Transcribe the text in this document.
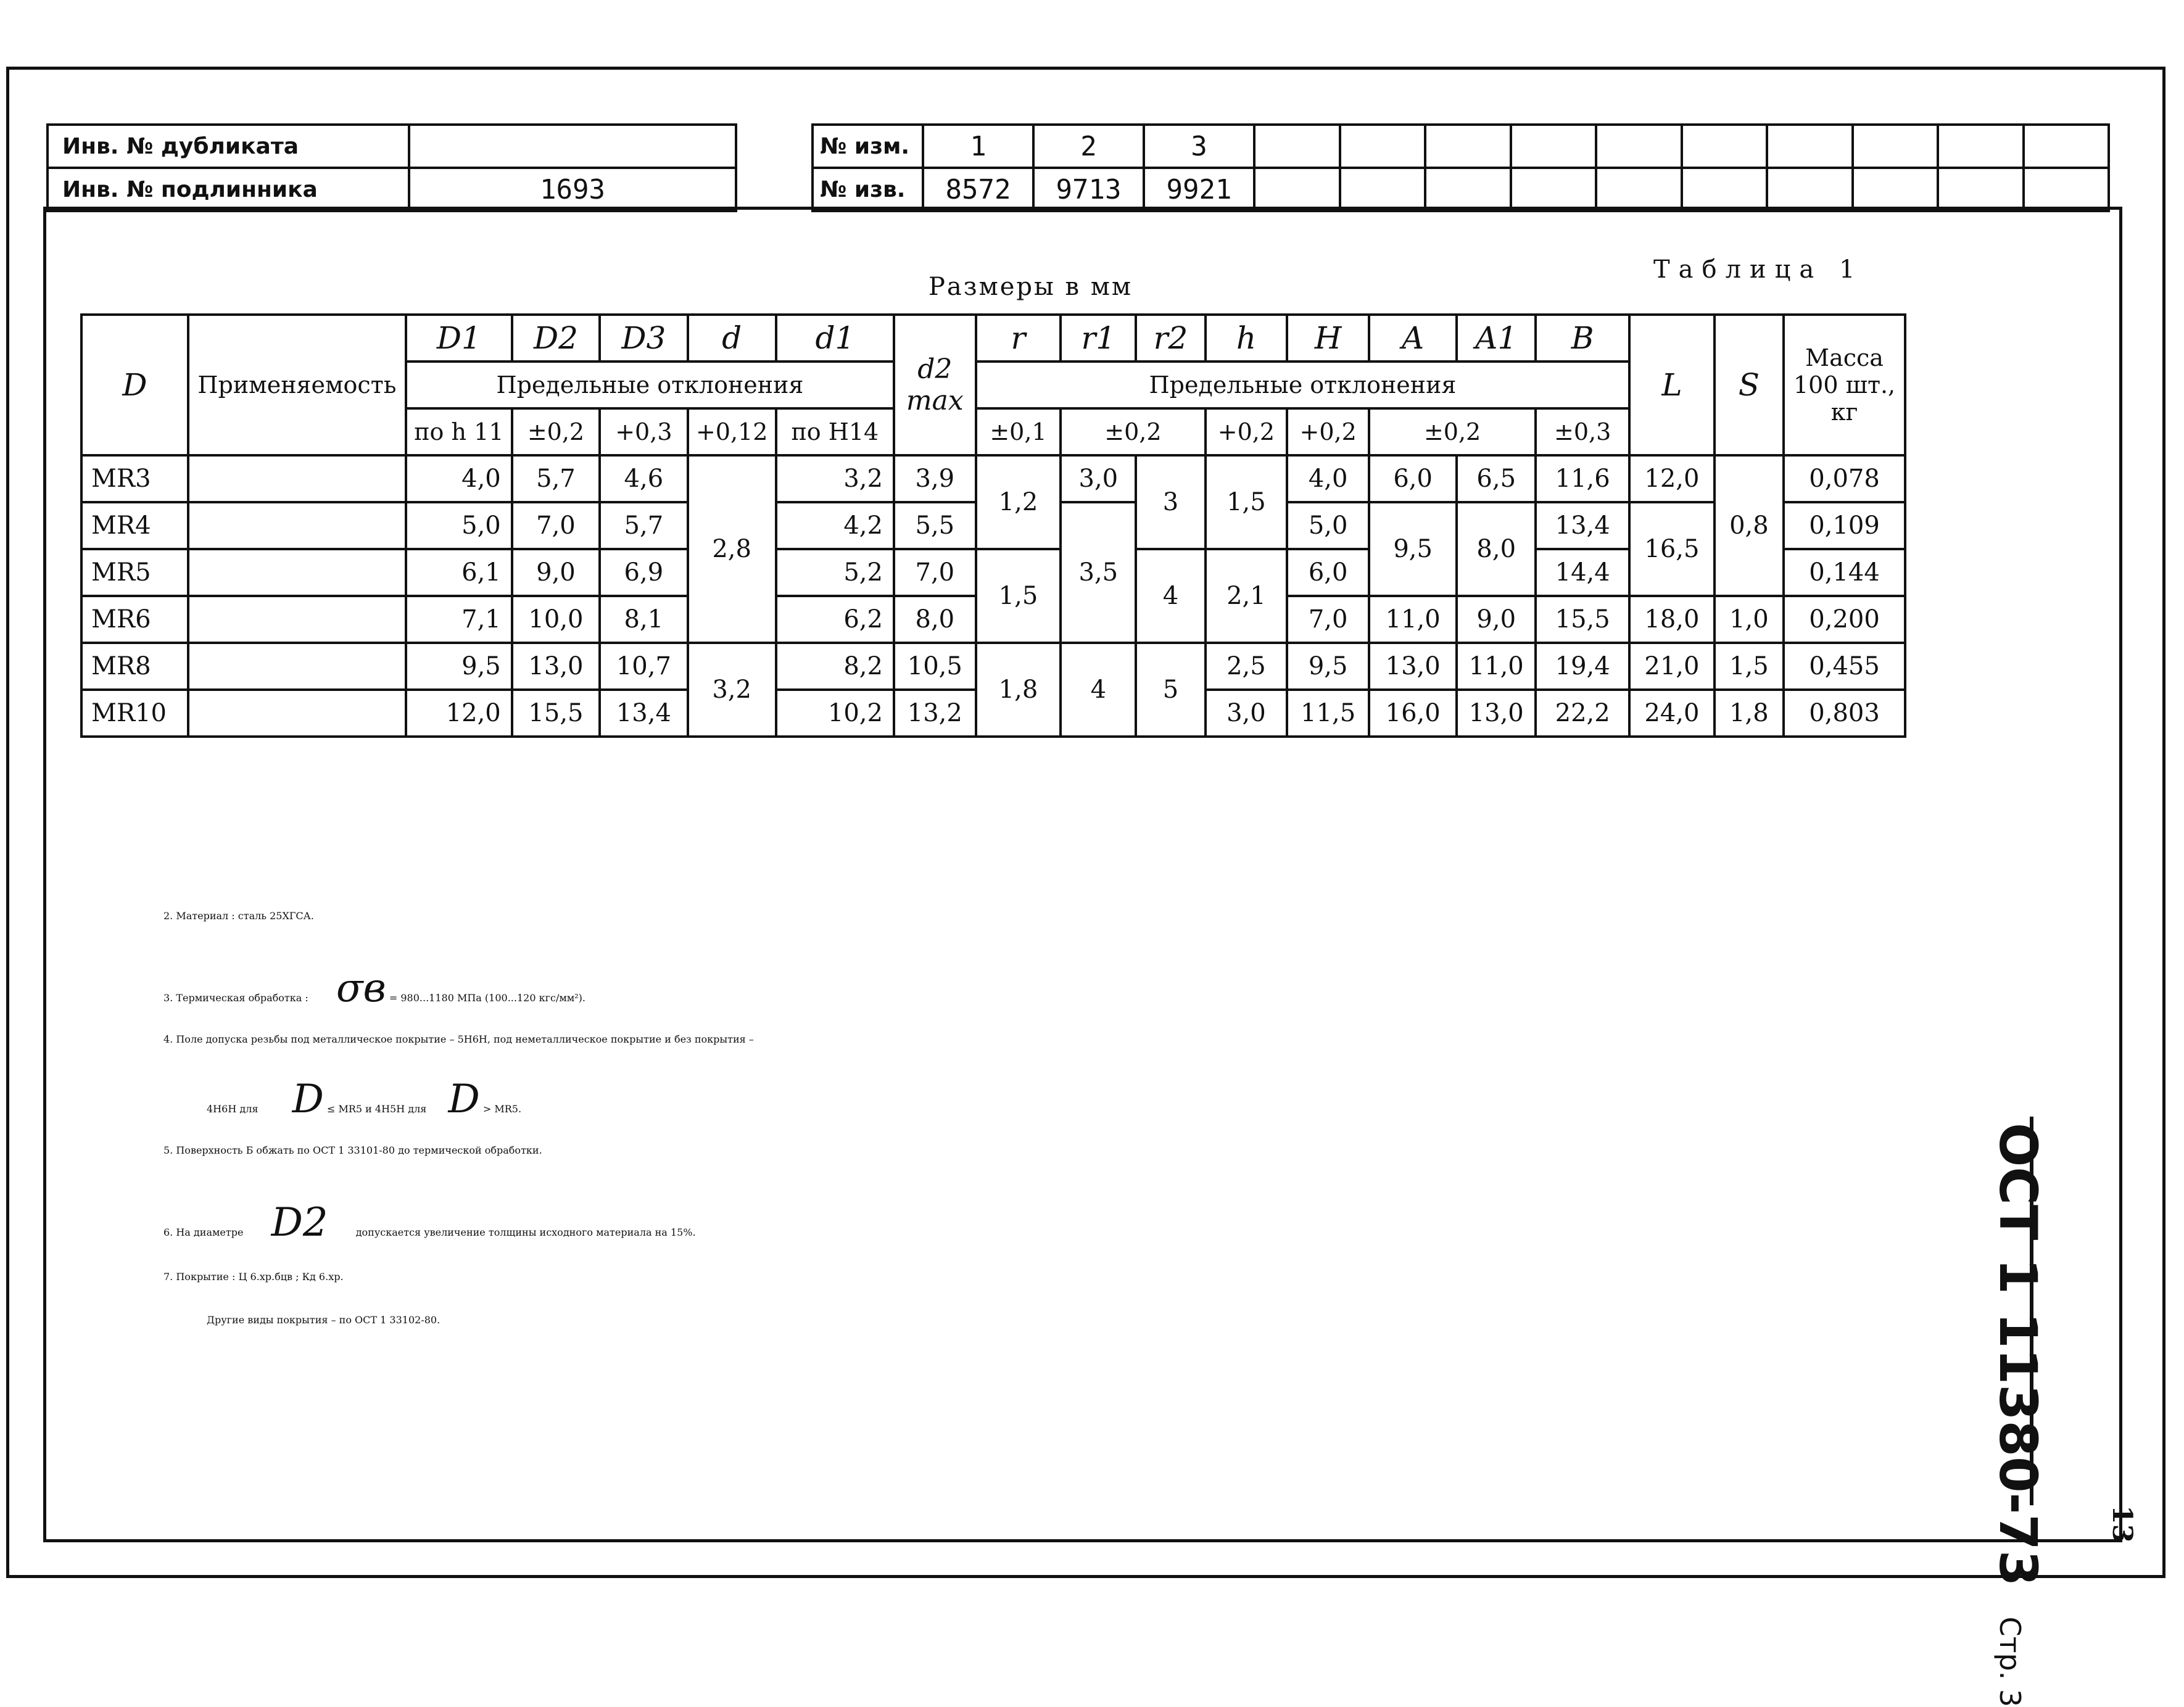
Инв. № дубликата	
Инв. № подлинника	1693
№ изм.	1	2	3										
№ изв.	8572	9713	9921										
Размеры в мм
Таблица 1
D	Применяемость	D1	D2	D3	d	d1	d2 max	r	r1	r2	h	H	A	A1	B	L	S	Масса 100 шт., кг
		Предельные отклонения						Предельные отклонения										
		по h 11	±0,2	+0,3	+0,12	по Н14		±0,1	±0,2		+0,2	+0,2	±0,2		±0,3			
MR3		4,0	5,7	4,6	2,8	3,2	3,9	1,2	3,0	3	1,5	4,0	6,0	6,5	11,6	12,0	0,8	0,078
MR4		5,0	7,0	5,7		4,2	5,5		3,5			5,0	9,5	8,0	13,4	16,5		0,109
MR5		6,1	9,0	6,9		5,2	7,0	1,5		4	2,1	6,0			14,4			0,144
MR6		7,1	10,0	8,1		6,2	8,0					7,0	11,0	9,0	15,5	18,0	1,0	0,200
MR8		9,5	13,0	10,7	3,2	8,2	10,5	1,8	4	5	2,5	9,5	13,0	11,0	19,4	21,0	1,5	0,455
MR10		12,0	15,5	13,4		10,2	13,2				3,0	11,5	16,0	13,0	22,2	24,0	1,8	0,803
2. Материал : сталь 25ХГСА.
3. Термическая обработка : σв = 980...1180 МПа (100...120 кгс/мм²).
4. Поле допуска резьбы под металлическое покрытие – 5Н6Н, под неметаллическое покрытие и без покрытия –
4Н6Н для D ≤ MR5 и 4Н5Н для D > MR5.
5. Поверхность Б обжать по ОСТ 1 33101-80 до термической обработки.
6. На диаметре D2	допускается увеличение толщины исходного материала на 15%.
7. Покрытие : Ц 6.хр.бцв ; Кд 6.хр.
Другие виды покрытия – по ОСТ 1 33102-80.	ОСТ 1 11380-73 Стр. 3
13
